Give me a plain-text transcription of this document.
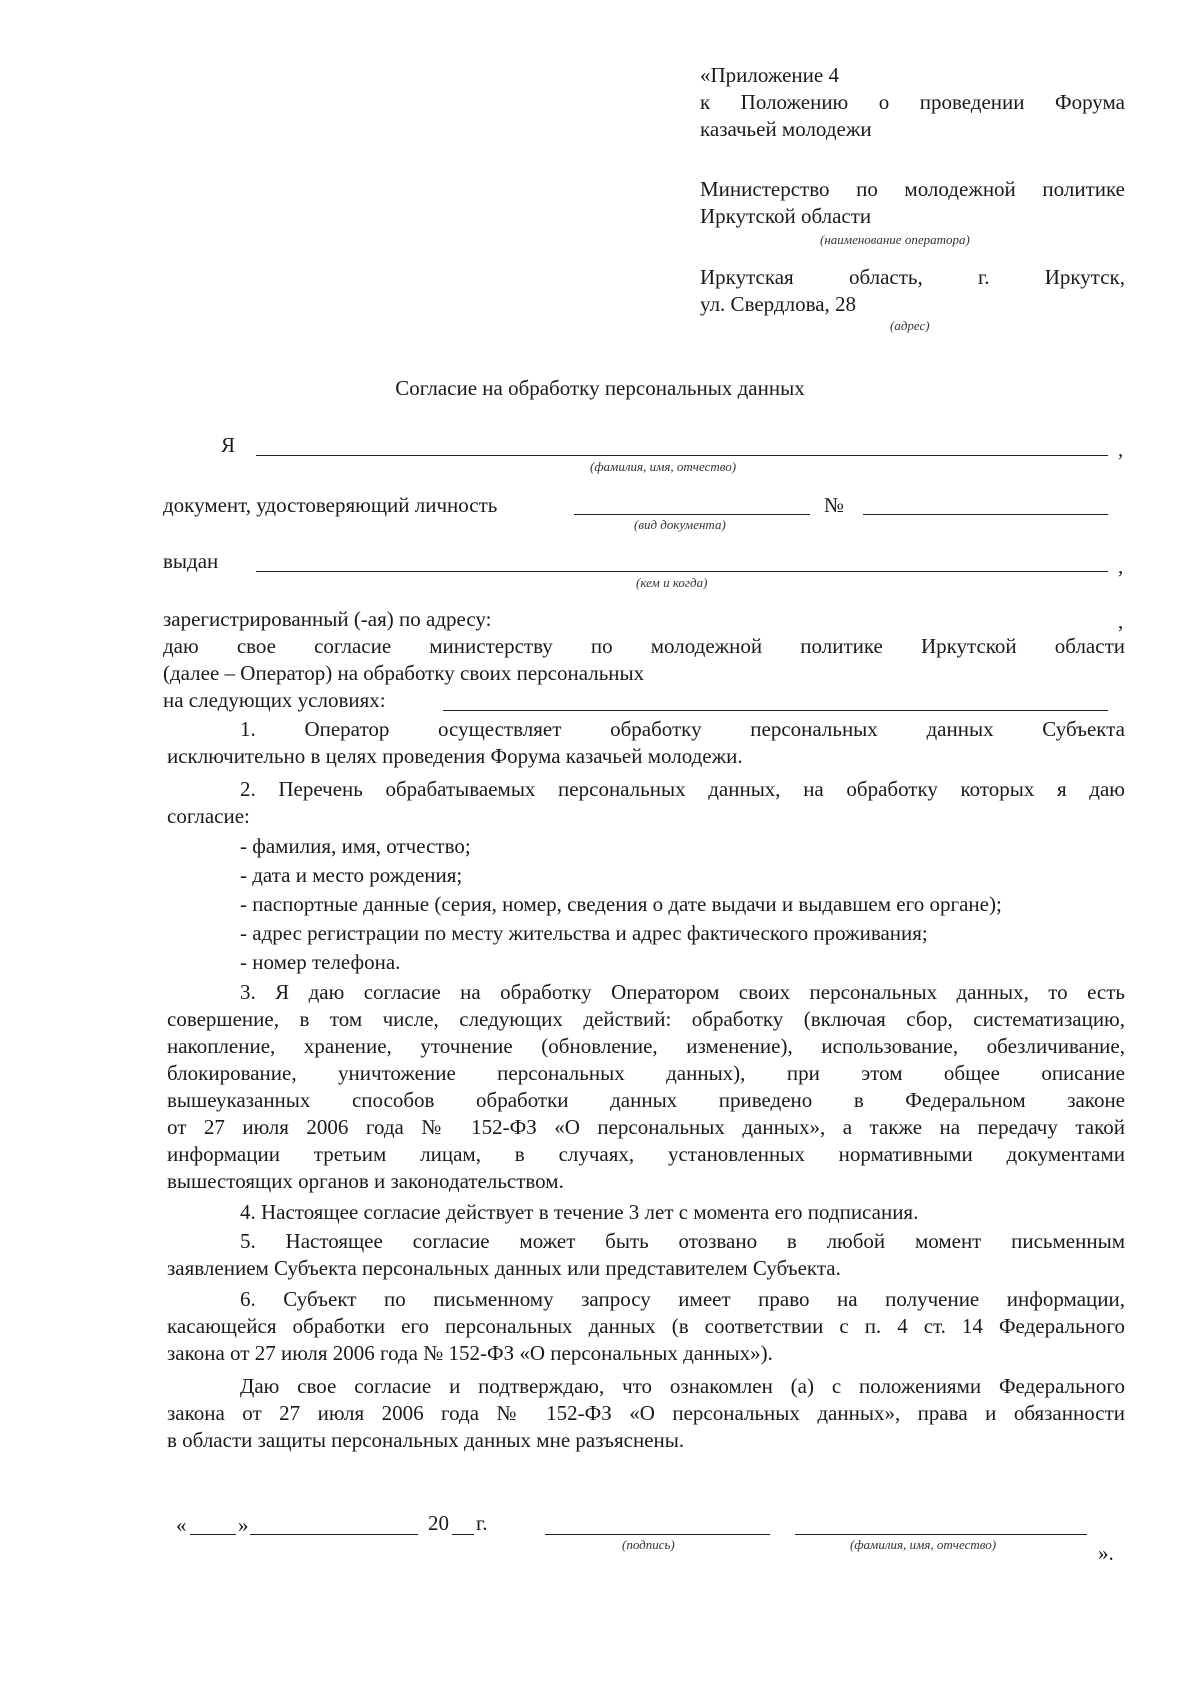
«Приложение 4
к Положению о проведении Форума
казачьей молодежи
Министерство по молодежной политике
Иркутской области
(наименование оператора)
Иркутская	область,	г.	Иркутск,
ул. Свердлова, 28
(адрес)
Согласие на обработку персональных данных
Я	,
(фамилия, имя, отчество)
документ, удостоверяющий личность	№
(вид документа)
выдан	,
(кем и когда)
зарегистрированный (-ая) по адресу:	,
даю свое согласие министерству по молодежной политике Иркутской области
(далее – Оператор) на обработку своих персональных
на следующих условиях:
1. Оператор осуществляет обработку персональных данных Субъекта
исключительно в целях проведения Форума казачьей молодежи.
2. Перечень обрабатываемых персональных данных, на обработку которых я даю
согласие:
- фамилия, имя, отчество;
- дата и место рождения;
- паспортные данные (серия, номер, сведения о дате выдачи и выдавшем его органе);
- адрес регистрации по месту жительства и адрес фактического проживания;
- номер телефона.
3. Я даю согласие на обработку Оператором своих персональных данных, то есть
совершение, в том числе, следующих действий: обработку (включая сбор, систематизацию,
накопление, хранение, уточнение (обновление, изменение), использование, обезличивание,
блокирование, уничтожение персональных данных), при этом общее описание
вышеуказанных способов обработки данных приведено в Федеральном законе
от 27 июля 2006 года № 152-ФЗ «О персональных данных», а также на передачу такой
информации третьим лицам, в случаях, установленных нормативными документами
вышестоящих органов и законодательством.
4. Настоящее согласие действует в течение 3 лет с момента его подписания.
5. Настоящее согласие может быть отозвано в любой момент письменным
заявлением Субъекта персональных данных или представителем Субъекта.
6. Субъект по письменному запросу имеет право на получение информации,
касающейся обработки его персональных данных (в соответствии с п. 4 ст. 14 Федерального
закона от 27 июля 2006 года № 152-ФЗ «О персональных данных»).
Даю свое согласие и подтверждаю, что ознакомлен (а) с положениями Федерального
закона от 27 июля 2006 года № 152-ФЗ «О персональных данных», права и обязанности
в области защиты персональных данных мне разъяснены.
« »	20 г.
(подпись)	(фамилия, имя, отчество)	».
